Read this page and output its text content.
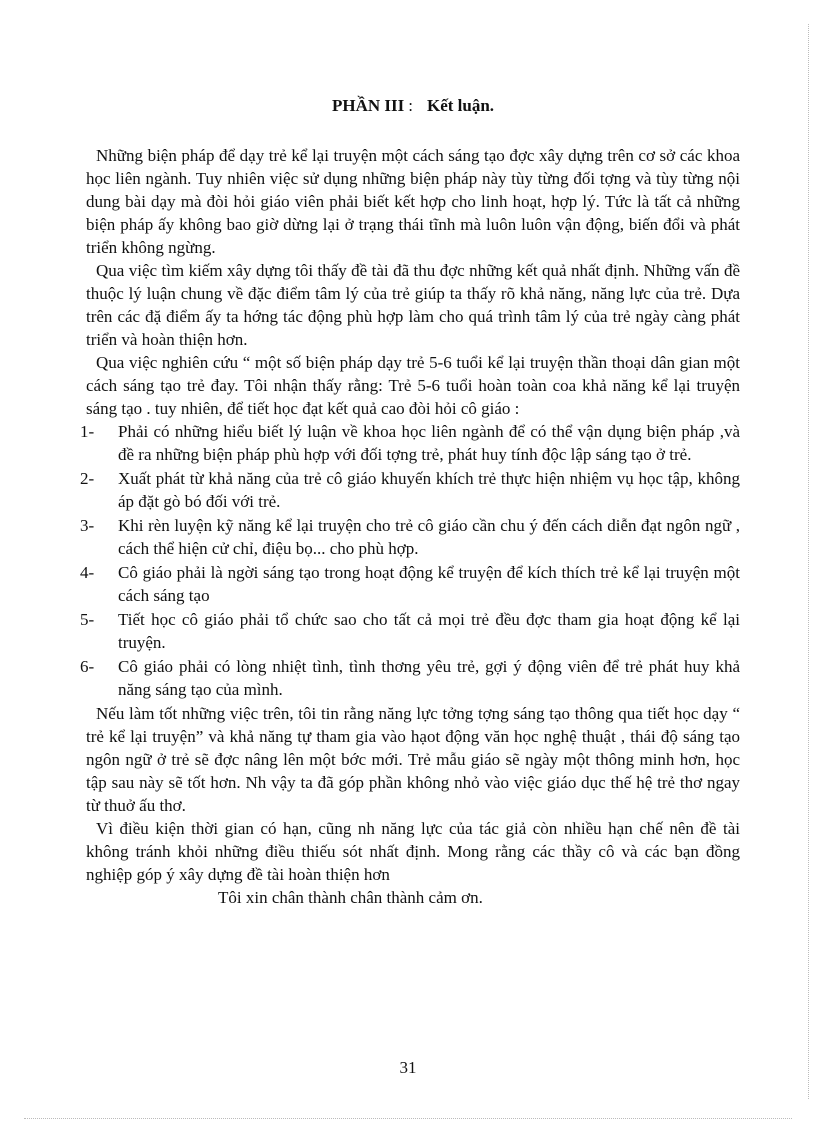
PHẦN III : Kết luận.

Những biện pháp để dạy trẻ kể lại truyện một cách sáng tạo đợc xây dựng trên cơ sở các khoa học liên ngành. Tuy nhiên việc sử dụng những biện pháp này tùy từng đối tợng và tùy từng nội dung bài dạy mà đòi hỏi giáo viên phải biết kết hợp cho linh hoạt, hợp lý. Tức là tất cả những biện pháp ấy không bao giờ dừng lại ở trạng thái tĩnh mà luôn luôn vận động, biến đổi và phát triển không ngừng.

Qua việc tìm kiếm xây dựng tôi thấy đề tài đã thu đợc những kết quả nhất định. Những vấn đề thuộc lý luận chung về đặc điểm tâm lý của trẻ giúp ta thấy rõ khả năng, năng lực của trẻ. Dựa trên các đặ điểm ấy ta hớng tác động phù hợp làm cho quá trình tâm lý của trẻ ngày càng phát triển và hoàn thiện hơn.

Qua việc nghiên cứu “ một số biện pháp dạy trẻ 5-6 tuổi kể lại truyện thần thoại dân gian một cách sáng tạo trẻ đay. Tôi nhận thấy rằng: Trẻ 5-6 tuổi hoàn toàn coa khả năng kể lại truyện sáng tạo . tuy nhiên, để tiết học đạt kết quả cao đòi hỏi cô giáo :

1- Phải có những hiểu biết lý luận về khoa học liên ngành để có thể vận dụng biện pháp ,và đề ra những biện pháp phù hợp với đối tợng trẻ, phát huy tính độc lập sáng tạo ở trẻ.
2- Xuất phát từ khả năng của trẻ cô giáo khuyến khích trẻ thực hiện nhiệm vụ học tập, không áp đặt gò bó đối với trẻ.
3- Khi rèn luyện kỹ năng kể lại truyện cho trẻ cô giáo cần chu ý đến cách diễn đạt ngôn ngữ , cách thể hiện cử chỉ, điệu bọ... cho phù hợp.
4- Cô giáo phải là ngời sáng tạo trong hoạt động kể truyện để kích thích trẻ kể lại truyện một cách sáng tạo
5- Tiết học cô giáo phải tổ chức sao cho tất cả mọi trẻ đều đợc tham gia hoạt động kể lại truyện.
6- Cô giáo phải có lòng nhiệt tình, tình thơng yêu trẻ, gợi ý động viên để trẻ phát huy khả năng sáng tạo của mình.

Nếu làm tốt những việc trên, tôi tin rằng năng lực tởng tợng sáng tạo thông qua tiết học dạy “ trẻ kể lại truyện” và khả năng tự tham gia vào hạot động văn học nghệ thuật , thái độ sáng tạo ngôn ngữ ở trẻ sẽ đợc nâng lên một bớc mới. Trẻ mẫu giáo sẽ ngày một thông minh hơn, học tập sau này sẽ tốt hơn. Nh vậy ta đã góp phần không nhỏ vào việc giáo dục thế hệ trẻ thơ ngay từ thuở ấu thơ.

Vì điều kiện thời gian có hạn, cũng nh năng lực của tác giả còn nhiều hạn chế nên đề tài không tránh khỏi những điều thiếu sót nhất định. Mong rằng các thầy cô và các bạn đồng nghiệp góp ý xây dựng đề tài hoàn thiện hơn

Tôi xin chân thành chân thành cảm ơn.

31
